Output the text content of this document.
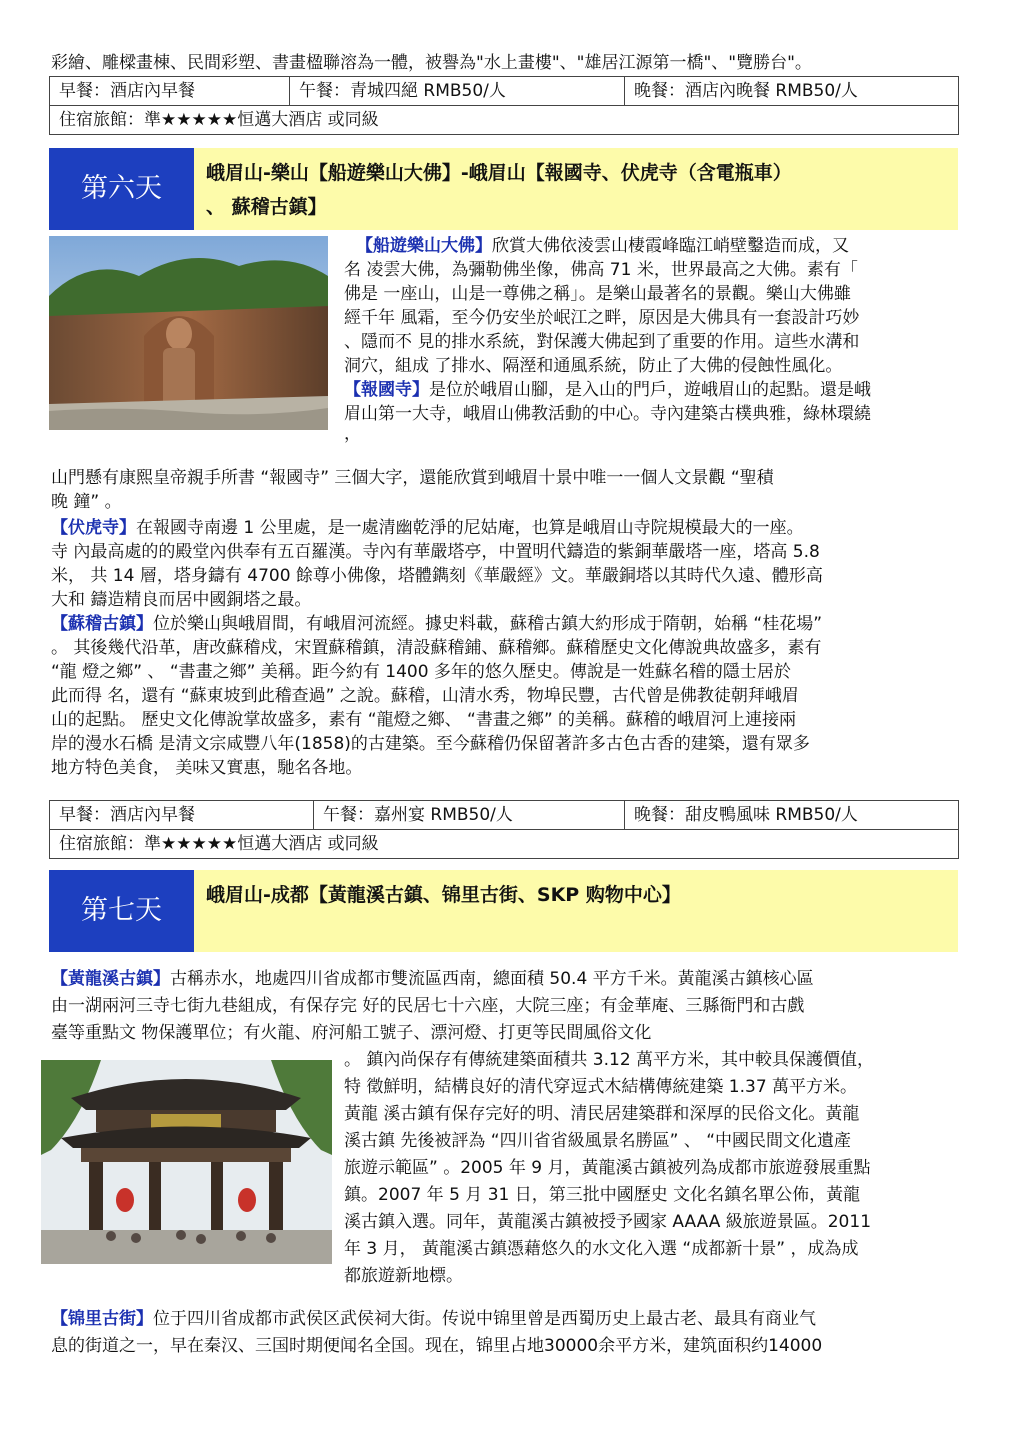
彩繪、雕樑畫棟、民間彩塑、書畫楹聯溶為一體，被譽為"水上畫樓"、"雄居江源第一橋"、"覽勝台"。
早餐：酒店內早餐	午餐：青城四絕 RMB50/人	晚餐：酒店內晚餐 RMB50/人
住宿旅館：準★★★★★恒邁大酒店 或同級
第六天	峨眉山-樂山【船遊樂山大佛】-峨眉山【報國寺、伏虎寺（含電瓶車）
、 蘇稽古鎮】
【船遊樂山大佛】欣賞大佛依淩雲山棲霞峰臨江峭壁鑿造而成，又
名 凌雲大佛，為彌勒佛坐像，佛高 71 米，世界最高之大佛。素有「
佛是 一座山，山是一尊佛之稱」。是樂山最著名的景觀。樂山大佛雖
經千年 風霜，至今仍安坐於岷江之畔，原因是大佛具有一套設計巧妙
、隱而不 見的排水系統，對保護大佛起到了重要的作用。這些水溝和
洞穴，組成 了排水、隔溼和通風系統，防止了大佛的侵蝕性風化。
【報國寺】是位於峨眉山腳，是入山的門戶，遊峨眉山的起點。還是峨
眉山第一大寺，峨眉山佛教活動的中心。寺內建築古樸典雅，綠林環繞
，
山門懸有康熙皇帝親手所書 “報國寺” 三個大字，還能欣賞到峨眉十景中唯一一個人文景觀 “聖積
晚 鐘” 。
【伏虎寺】在報國寺南邊 1 公里處，是一處清幽乾淨的尼姑庵，也算是峨眉山寺院規模最大的一座。
寺 內最高處的的殿堂內供奉有五百羅漢。寺內有華嚴塔亭，中置明代鑄造的紫銅華嚴塔一座，塔高 5.8
米， 共 14 層，塔身鑄有 4700 餘尊小佛像，塔體鐫刻《華嚴經》文。華嚴銅塔以其時代久遠、體形高
大和 鑄造精良而居中國銅塔之最。
【蘇稽古鎮】位於樂山與峨眉間，有峨眉河流經。據史料載，蘇稽古鎮大約形成于隋朝，始稱 “桂花場”
。 其後幾代沿革，唐改蘇稽戍，宋置蘇稽鎮，清設蘇稽鋪、蘇稽鄉。蘇稽歷史文化傳說典故盛多，素有
“龍 燈之鄉” 、 “書畫之鄉” 美稱。距今約有 1400 多年的悠久歷史。傳說是一姓蘇名稽的隱士居於
此而得 名，還有 “蘇東坡到此稽查過” 之說。蘇稽，山清水秀，物埠民豐，古代曾是佛教徒朝拜峨眉
山的起點。 歷史文化傳說掌故盛多，素有 “龍燈之鄉、 “書畫之鄉” 的美稱。蘇稽的峨眉河上連接兩
岸的漫水石橋 是清文宗咸豐八年(1858)的古建築。至今蘇稽仍保留著許多古色古香的建築，還有眾多
地方特色美食， 美味又實惠，馳名各地。
早餐：酒店內早餐	午餐：嘉州宴 RMB50/人	晚餐：甜皮鴨風味 RMB50/人
住宿旅館：準★★★★★恒邁大酒店 或同級
第七天	峨眉山-成都【黃龍溪古鎮、锦里古街、SKP 购物中心】
【黃龍溪古鎮】古稱赤水，地處四川省成都市雙流區西南，總面積 50.4 平方千米。黃龍溪古鎮核心區
由一湖兩河三寺七街九巷組成，有保存完 好的民居七十六座，大院三座；有金華庵、三縣衙門和古戲
臺等重點文 物保護單位；有火龍、府河船工號子、漂河燈、打更等民間風俗文化
。 鎮內尚保存有傳統建築面積共 3.12 萬平方米，其中較具保護價值，
特 徵鮮明，結構良好的清代穿逗式木結構傳統建築 1.37 萬平方米。
黃龍 溪古鎮有保存完好的明、清民居建築群和深厚的民俗文化。黃龍
溪古鎮 先後被評為 “四川省省級風景名勝區” 、 “中國民間文化遺產
旅遊示範區” 。2005 年 9 月，黃龍溪古鎮被列為成都市旅遊發展重點
鎮。2007 年 5 月 31 日，第三批中國歷史 文化名鎮名單公佈，黃龍
溪古鎮入選。同年，黃龍溪古鎮被授予國家 AAAA 級旅遊景區。2011
年 3 月， 黃龍溪古鎮憑藉悠久的水文化入選 “成都新十景” ，成為成
都旅遊新地標。
【锦里古街】位于四川省成都市武侯区武侯祠大街。传说中锦里曾是西蜀历史上最古老、最具有商业气
息的街道之一，早在秦汉、三国时期便闻名全国。现在，锦里占地30000余平方米，建筑面积约14000
